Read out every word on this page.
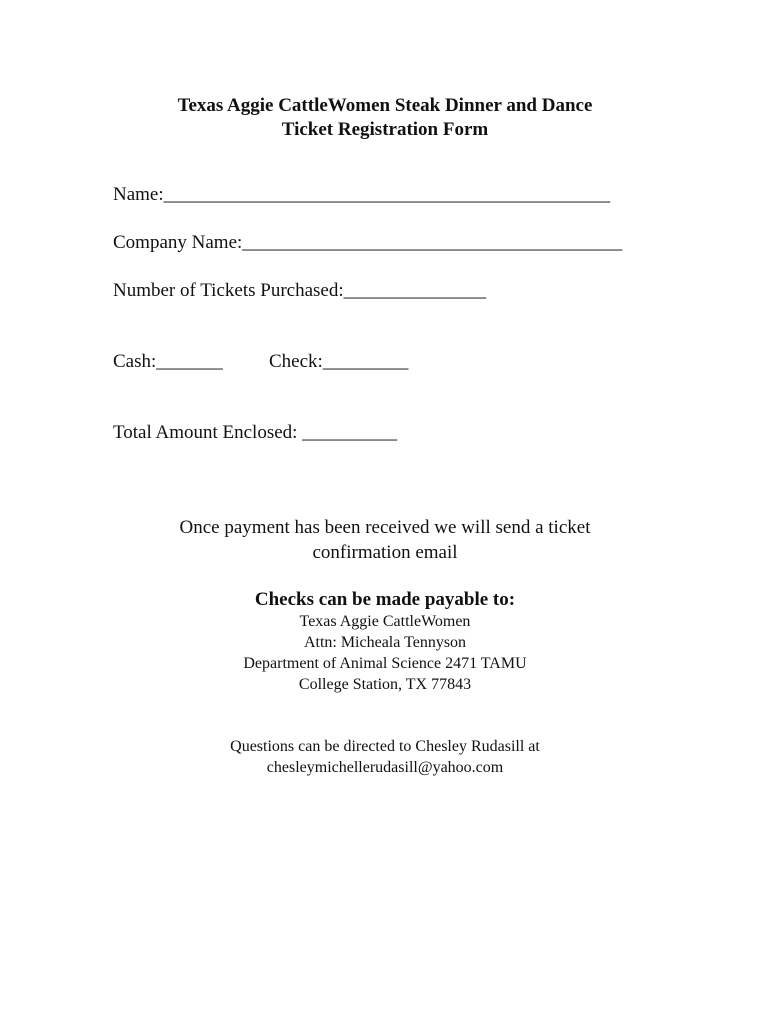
Texas Aggie CattleWomen Steak Dinner and Dance
Ticket Registration Form
Name:_______________________________________________
Company Name:________________________________________
Number of Tickets Purchased:_______________
Cash:_______ Check:_________
Total Amount Enclosed: __________
Once payment has been received we will send a ticket
confirmation email
Checks can be made payable to:
Texas Aggie CattleWomen
Attn: Micheala Tennyson
Department of Animal Science 2471 TAMU
College Station, TX 77843
Questions can be directed to Chesley Rudasill at
chesleymichellerudasill@yahoo.com
